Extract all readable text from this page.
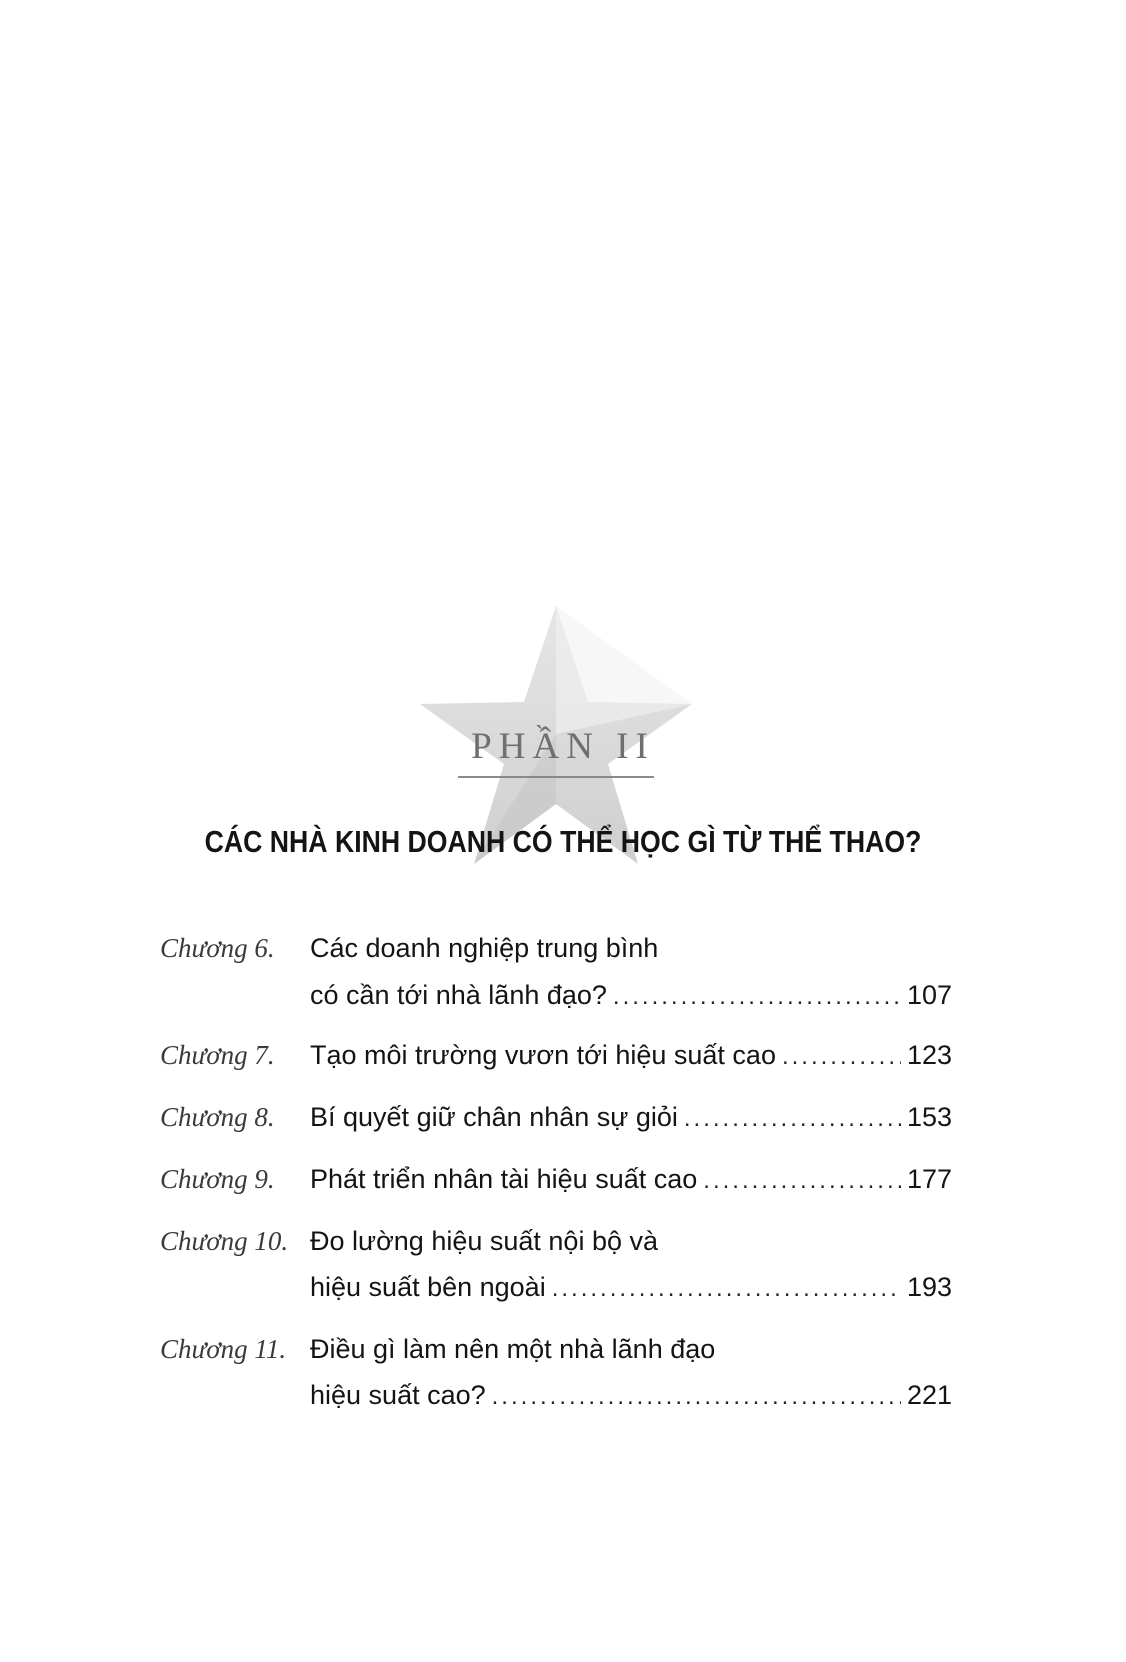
PHẦN II
CÁC NHÀ KINH DOANH CÓ THỂ HỌC GÌ TỪ THỂ THAO?
Chương 6. Các doanh nghiệp trung bình
có cần tới nhà lãnh đạo? .....	107
Chương 7. Tạo môi trường vươn tới hiệu suất cao .....	123
Chương 8. Bí quyết giữ chân nhân sự giỏi .....	153
Chương 9. Phát triển nhân tài hiệu suất cao .....	177
Chương 10. Đo lường hiệu suất nội bộ và
hiệu suất bên ngoài .....	193
Chương 11. Điều gì làm nên một nhà lãnh đạo
hiệu suất cao? .....	221
